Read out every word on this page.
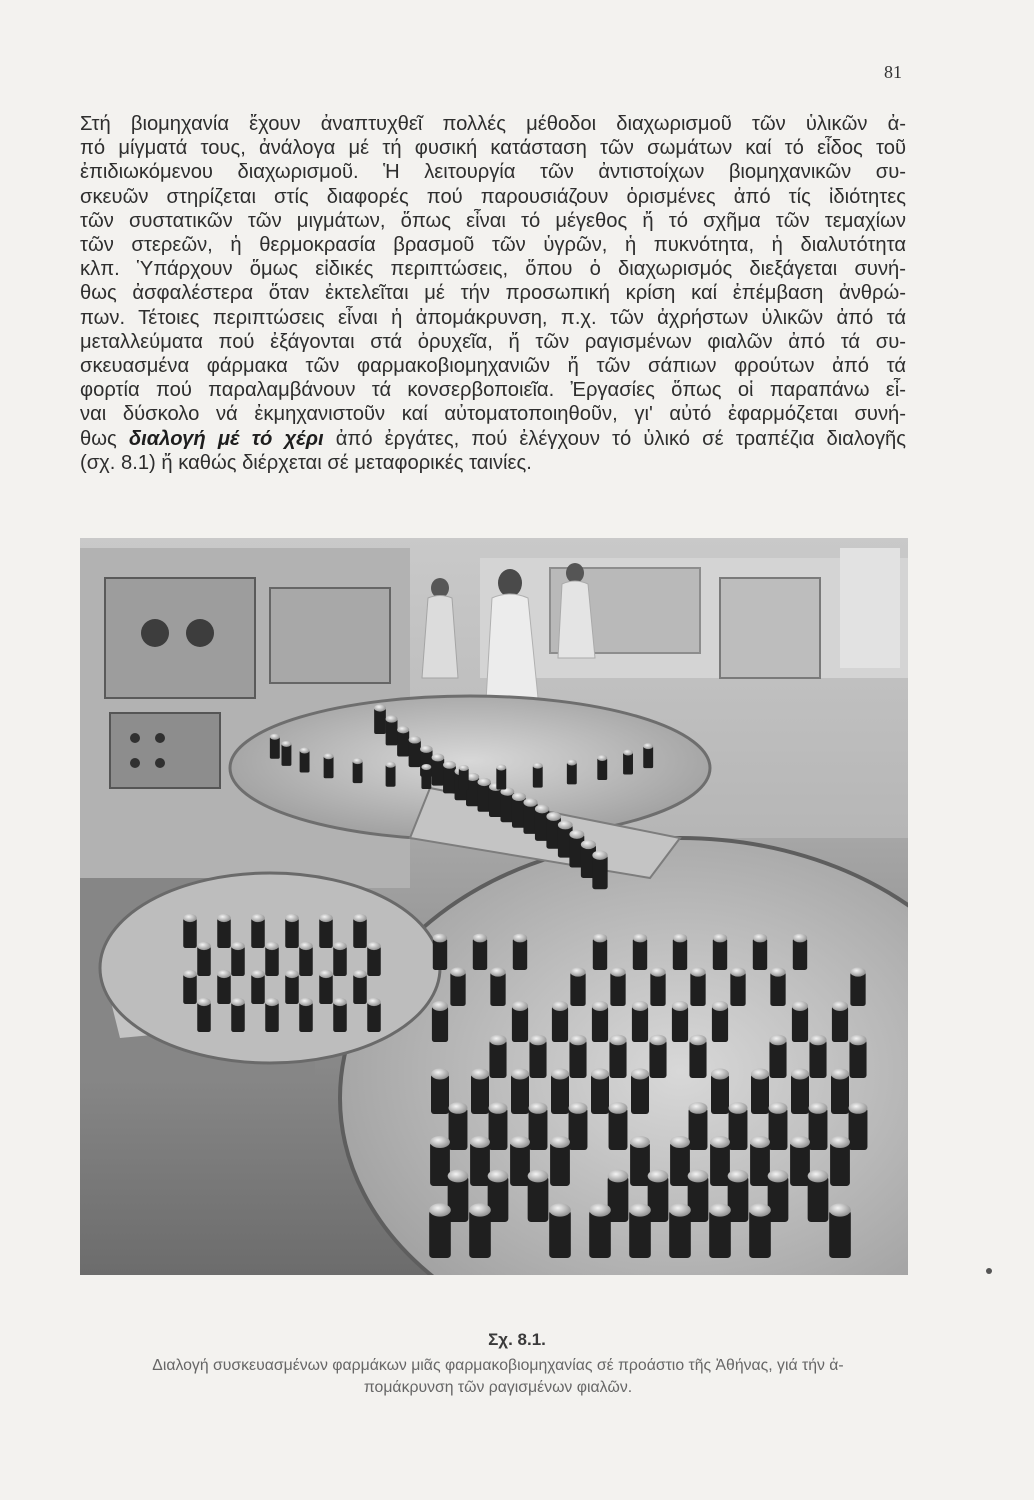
81
Στή βιομηχανία ἔχουν ἀναπτυχθεῖ πολλές μέθοδοι διαχωρισμοῦ τῶν ὑλικῶν ἀ-
πό μίγματά τους, ἀνάλογα μέ τή φυσική κατάσταση τῶν σωμάτων καί τό εἶδος τοῦ
ἐπιδιωκόμενου διαχωρισμοῦ. Ἡ λειτουργία τῶν ἀντιστοίχων βιομηχανικῶν συ-
σκευῶν στηρίζεται στίς διαφορές πού παρουσιάζουν ὁρισμένες ἀπό τίς ἰδιότητες
τῶν συστατικῶν τῶν μιγμάτων, ὅπως εἶναι τό μέγεθος ἤ τό σχῆμα τῶν τεμαχίων
τῶν στερεῶν, ἡ θερμοκρασία βρασμοῦ τῶν ὑγρῶν, ἡ πυκνότητα, ἡ διαλυτότητα
κλπ. Ὑπάρχουν ὅμως εἰδικές περιπτώσεις, ὅπου ὁ διαχωρισμός διεξάγεται συνή-
θως ἀσφαλέστερα ὅταν ἐκτελεῖται μέ τήν προσωπική κρίση καί ἐπέμβαση ἀνθρώ-
πων. Τέτοιες περιπτώσεις εἶναι ἡ ἀπομάκρυνση, π.χ. τῶν ἀχρήστων ὑλικῶν ἀπό τά
μεταλλεύματα πού ἐξάγονται στά ὀρυχεῖα, ἤ τῶν ραγισμένων φιαλῶν ἀπό τά συ-
σκευασμένα φάρμακα τῶν φαρμακοβιομηχανιῶν ἤ τῶν σάπιων φρούτων ἀπό τά
φορτία πού παραλαμβάνουν τά κονσερβοποιεῖα. Ἐργασίες ὅπως οἱ παραπάνω εἶ-
ναι δύσκολο νά ἐκμηχανιστοῦν καί αὐτοματοποιηθοῦν, γι' αὐτό ἐφαρμόζεται συνή-
θως διαλογή μέ τό χέρι ἀπό ἐργάτες, πού ἐλέγχουν τό ὑλικό σέ τραπέζια διαλογῆς
(σχ. 8.1) ἤ καθώς διέρχεται σέ μεταφορικές ταινίες.
Σχ. 8.1.
Διαλογή συσκευασμένων φαρμάκων μιᾶς φαρμακοβιομηχανίας σέ προάστιο τῆς Ἀθήνας, γιά τήν ἀ-
πομάκρυνση τῶν ραγισμένων φιαλῶν.
